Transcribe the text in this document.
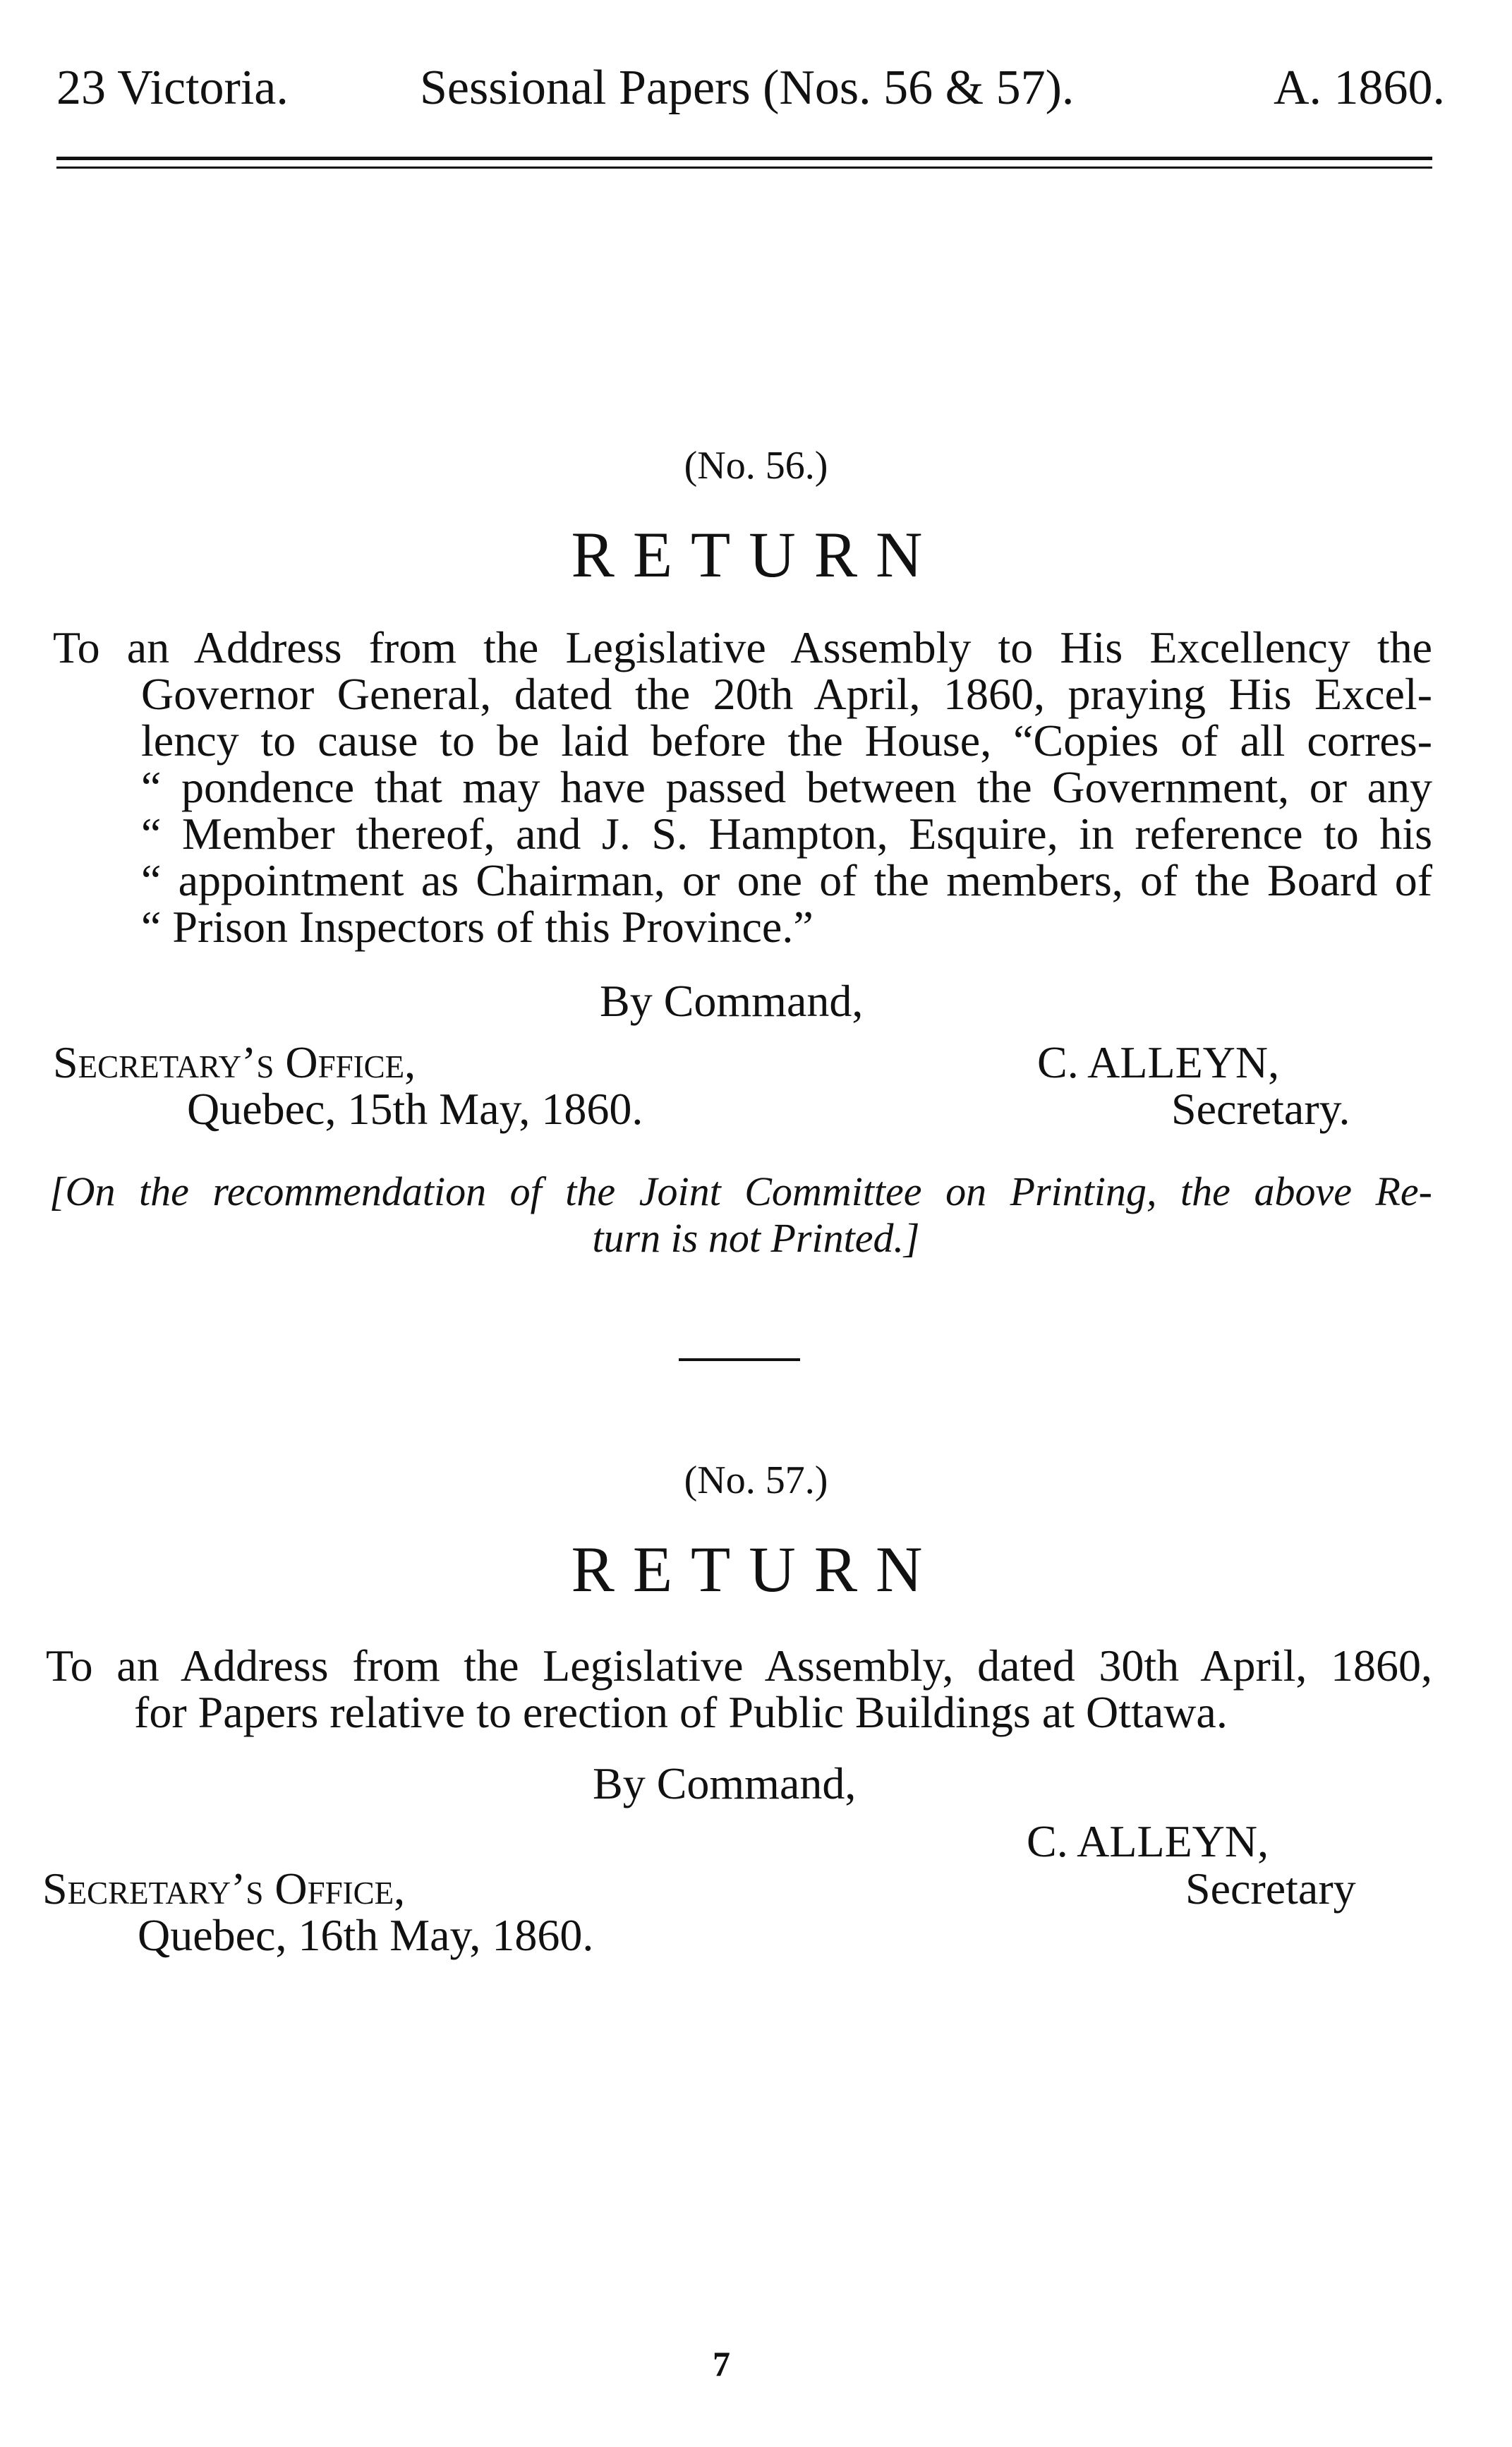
23 Victoria.	Sessional Papers (Nos. 56 & 57).	A. 1860.
(No. 56.)
RETURN
To an Address from the Legislative Assembly to His Excellency the
Governor General, dated the 20th April, 1860, praying His Excel-
lency to cause to be laid before the House, “Copies of all corres-
“ pondence that may have passed between the Government, or any
“ Member thereof, and J. S. Hampton, Esquire, in reference to his
“ appointment as Chairman, or one of the members, of the Board of
“ Prison Inspectors of this Province.”
By Command,
Secretary’s Office,
Quebec, 15th May, 1860.
C. ALLEYN,
Secretary.
[On the recommendation of the Joint Committee on Printing, the above Re-
turn is not Printed.]
(No. 57.)
RETURN
To an Address from the Legislative Assembly, dated 30th April, 1860,
for Papers relative to erection of Public Buildings at Ottawa.
By Command,
C. ALLEYN,
Secretary
Secretary’s Office,
Quebec, 16th May, 1860.
7
